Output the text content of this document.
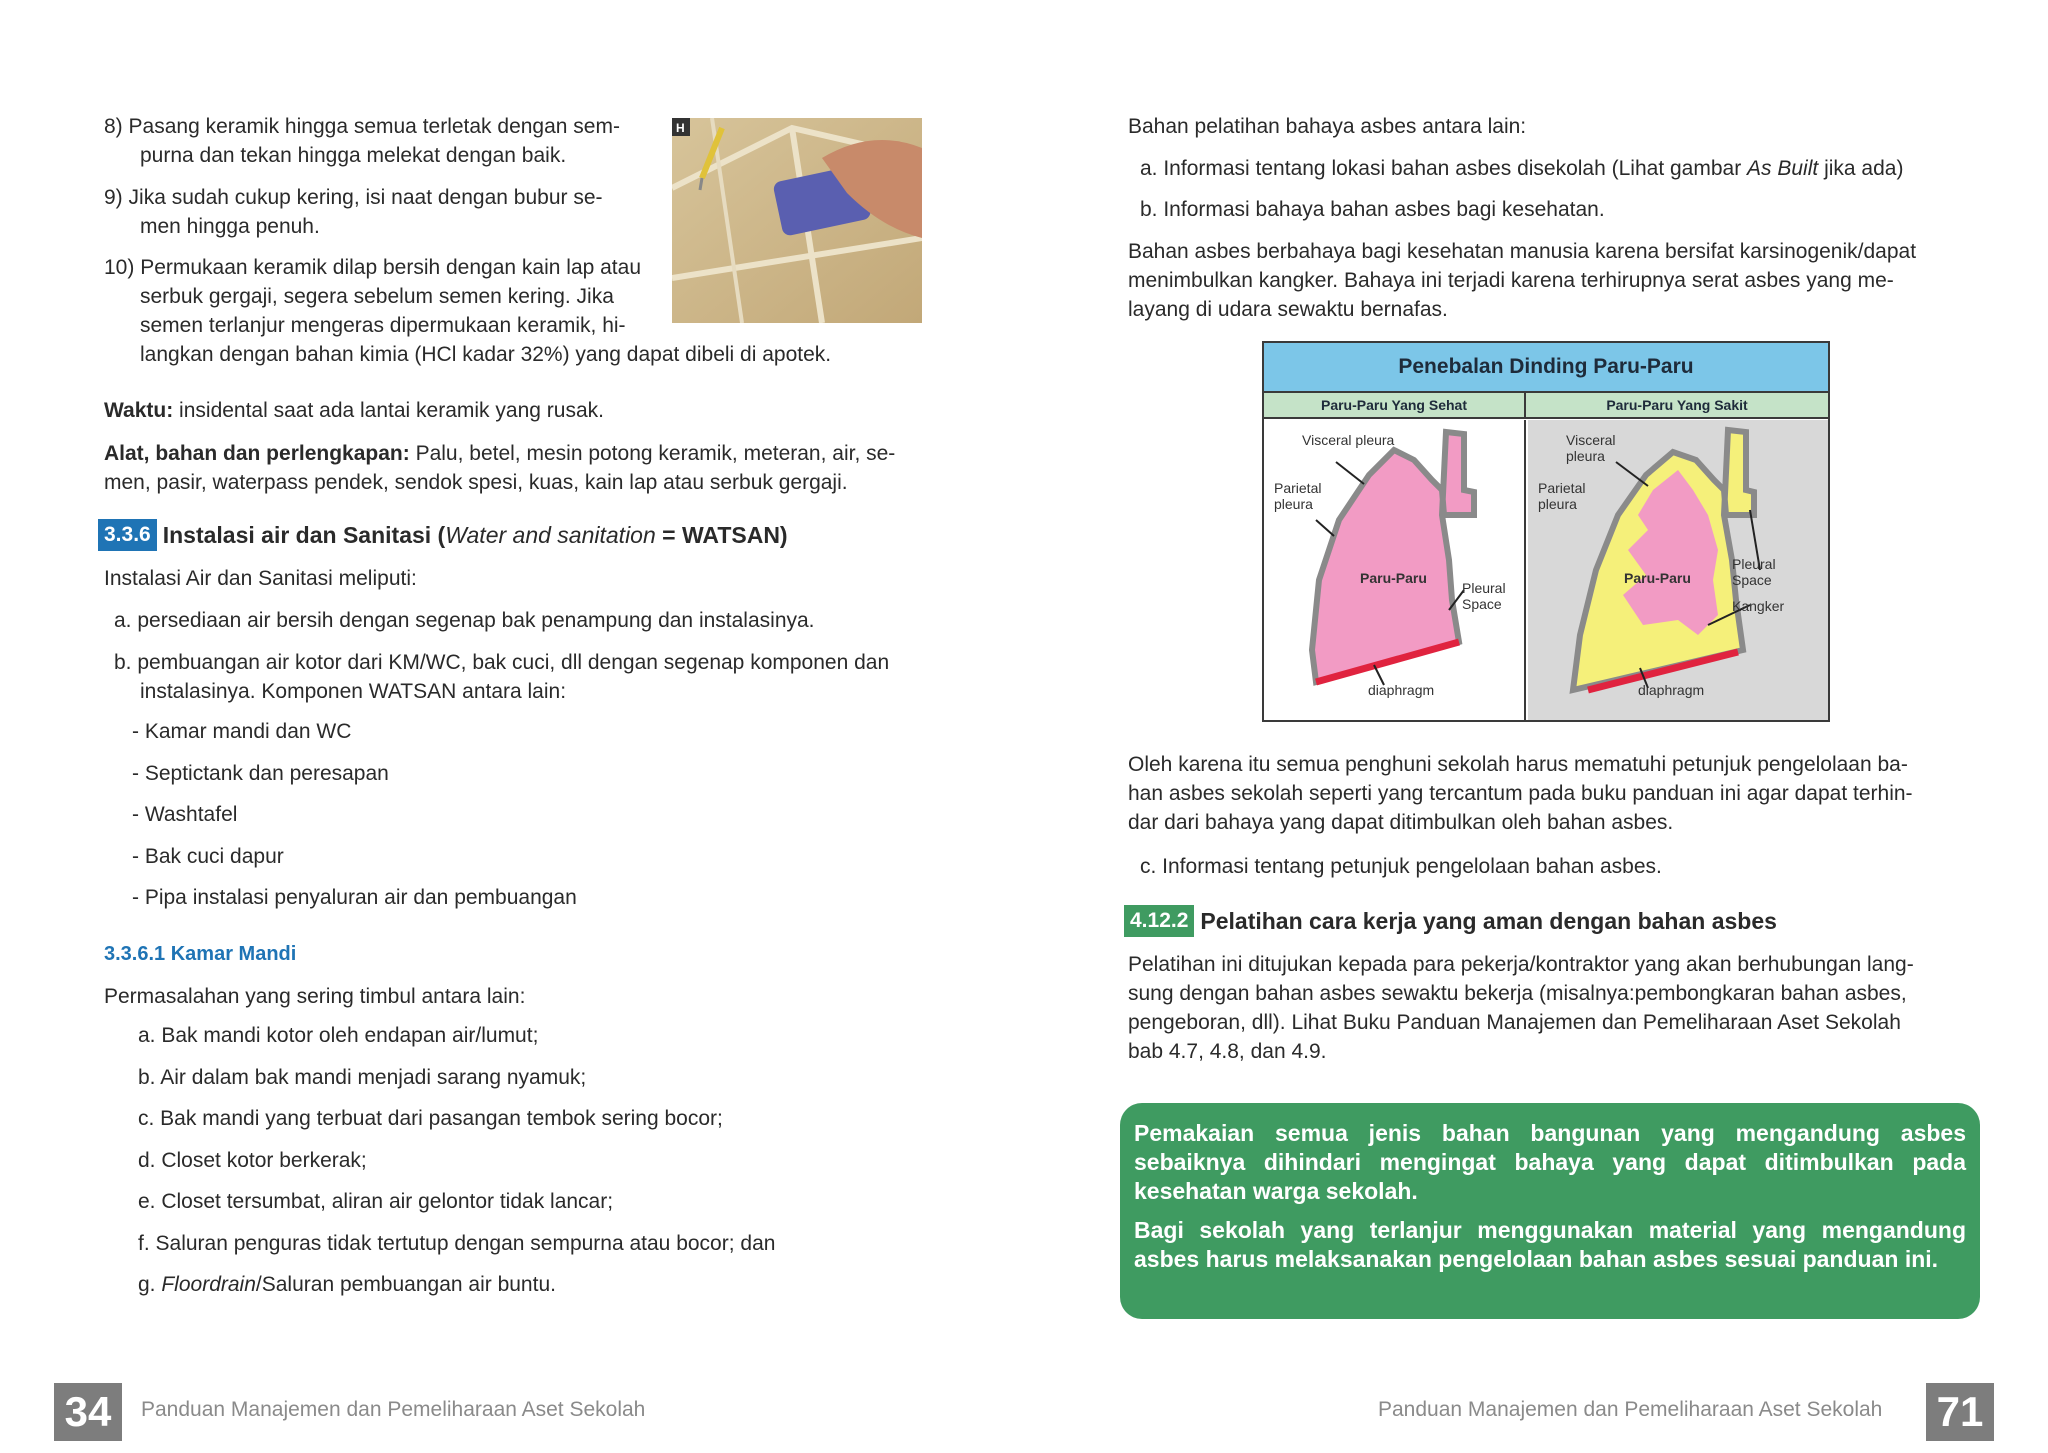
8) Pasang keramik hingga semua terletak dengan sem-
purna dan tekan hingga melekat dengan baik.
9) Jika sudah cukup kering, isi naat dengan bubur se-
men hingga penuh.
10) Permukaan keramik dilap bersih dengan kain lap atau
serbuk gergaji, segera sebelum semen kering. Jika
semen terlanjur mengeras dipermukaan keramik, hi-
langkan dengan bahan kimia (HCl kadar 32%) yang dapat dibeli di apotek.
H
Waktu: insidental saat ada lantai keramik yang rusak.
Alat, bahan dan perlengkapan: Palu, betel, mesin potong keramik, meteran, air, se-
men, pasir, waterpass pendek, sendok spesi, kuas, kain lap atau serbuk gergaji.
3.3.6 Instalasi air dan Sanitasi (Water and sanitation = WATSAN)
Instalasi Air dan Sanitasi meliputi:
a. persediaan air bersih dengan segenap bak penampung dan instalasinya.
b. pembuangan air kotor dari KM/WC, bak cuci, dll dengan segenap komponen dan
instalasinya. Komponen WATSAN antara lain:
- Kamar mandi dan WC
- Septictank dan peresapan
- Washtafel
- Bak cuci dapur
- Pipa instalasi penyaluran air dan pembuangan
3.3.6.1 Kamar Mandi
Permasalahan yang sering timbul antara lain:
a. Bak mandi kotor oleh endapan air/lumut;
b. Air dalam bak mandi menjadi sarang nyamuk;
c. Bak mandi yang terbuat dari pasangan tembok sering bocor;
d. Closet kotor berkerak;
e. Closet tersumbat, aliran air gelontor tidak lancar;
f. Saluran penguras tidak tertutup dengan sempurna atau bocor; dan
g. Floordrain/Saluran pembuangan air buntu.
34	Panduan Manajemen dan Pemeliharaan Aset Sekolah
Bahan pelatihan bahaya asbes antara lain:
a. Informasi tentang lokasi bahan asbes disekolah (Lihat gambar As Built jika ada)
b. Informasi bahaya bahan asbes bagi kesehatan.
Bahan asbes berbahaya bagi kesehatan manusia karena bersifat karsinogenik/dapat
menimbulkan kangker. Bahaya ini terjadi karena terhirupnya serat asbes yang me-
layang di udara sewaktu bernafas.
Penebalan Dinding Paru-Paru
Paru-Paru Yang Sehat	Paru-Paru Yang Sakit
Visceral pleura
Parietal pleura
Paru-Paru
Pleural Space
diaphragm
Visceral pleura
Parietal pleura
Paru-Paru
Pleural Space
Kangker
diaphragm
Oleh karena itu semua penghuni sekolah harus mematuhi petunjuk pengelolaan ba-
han asbes sekolah seperti yang tercantum pada buku panduan ini agar dapat terhin-
dar dari bahaya yang dapat ditimbulkan oleh bahan asbes.
c. Informasi tentang petunjuk pengelolaan bahan asbes.
4.12.2 Pelatihan cara kerja yang aman dengan bahan asbes
Pelatihan ini ditujukan kepada para pekerja/kontraktor yang akan berhubungan lang-
sung dengan bahan asbes sewaktu bekerja (misalnya:pembongkaran bahan asbes,
pengeboran, dll). Lihat Buku Panduan Manajemen dan Pemeliharaan Aset Sekolah
bab 4.7, 4.8, dan 4.9.

Pemakaian semua jenis bahan bangunan yang mengandung asbes sebaiknya dihindari mengingat bahaya yang dapat ditimbulkan pada kesehatan warga sekolah.

Bagi sekolah yang terlanjur menggunakan material yang mengandung asbes harus melaksanakan pengelolaan bahan asbes sesuai panduan ini.

Panduan Manajemen dan Pemeliharaan Aset Sekolah 71
